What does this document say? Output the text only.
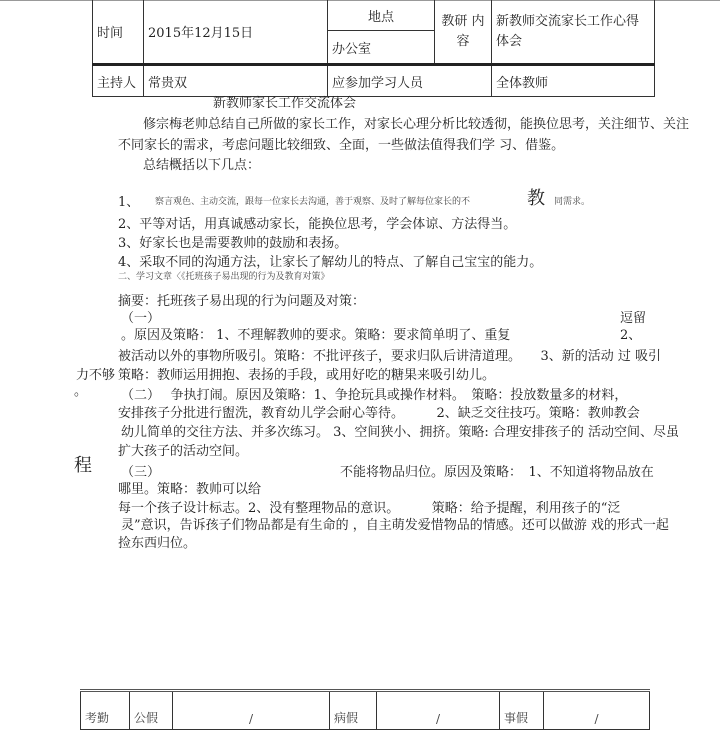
时间	2015年12月15日	地点	教研 内容	新教师交流家长工作心得体会
		办公室		
主持人	常贵双	应参加学习人员		全体教师
力不够
。
程
新教师家长工作交流体会
修宗梅老帅总结自己所做的家长工作，对家长心理分析比较透彻，能换位思考，关注细节、关注
不同家长的需求，考虑问题比较细致、全面，一些做法值得我们学 习、借鉴。
总结概括以下几点：
1、 察言观色、主动交流，跟每一位家长去沟通，善于观察、及时了解每位家长的不	教 同需求。
2、平等对话，用真诚感动家长，能换位思考，学会体谅、方法得当。
3、好家长也是需要教帅的鼓励和表扬。
4、采取不同的沟通方法，让家长了解幼儿的特点、了解自己宝宝的能力。
二、学习文章〈《托班孩子易出现的行为及教育对策》
摘要：托班孩子易出现的行为问题及对策：
（一）	逗留
。原因及策略： 1、不理解教帅的要求。策略：要求简单明了、重复	2、
被活动以外的事物所吸引。策略：不批评孩子，要求归队后讲清道理。　　3、新的活动 过 吸引
策略：教师运用拥抱、表扬的手段，或用好吃的糖果来吸引幼儿。
（二）　 争执打闹。原因及策略：1、争抢玩具或操作材料。　策略：投放数量多的材料，
安排孩子分批进行盥洗，教育幼儿学会耐心等待。　　　2、缺乏交往技巧。策略：教帅教会
幼儿简单的交往方法、并多次练习。 3、空间狭小、拥挤。策略: 合理安排孩子的 活动空间、尽虽
扩大孩子的活动空间。
（三）	不能将物品归位。原因及策略：　1、不知道将物品放在
哪里。策略：教帅可以给
每一个孩子设计标志。2、没有整理物品的意识。　　　策略：给予提醒，利用孩子的“泛
灵”意识，告诉孩子们物品都是有生命的 ，自主萌发爱惜物品的情感。还可以做游 戏的形式一起
捡东西归位。
考勤	公假	/	病假	/	事假	/
